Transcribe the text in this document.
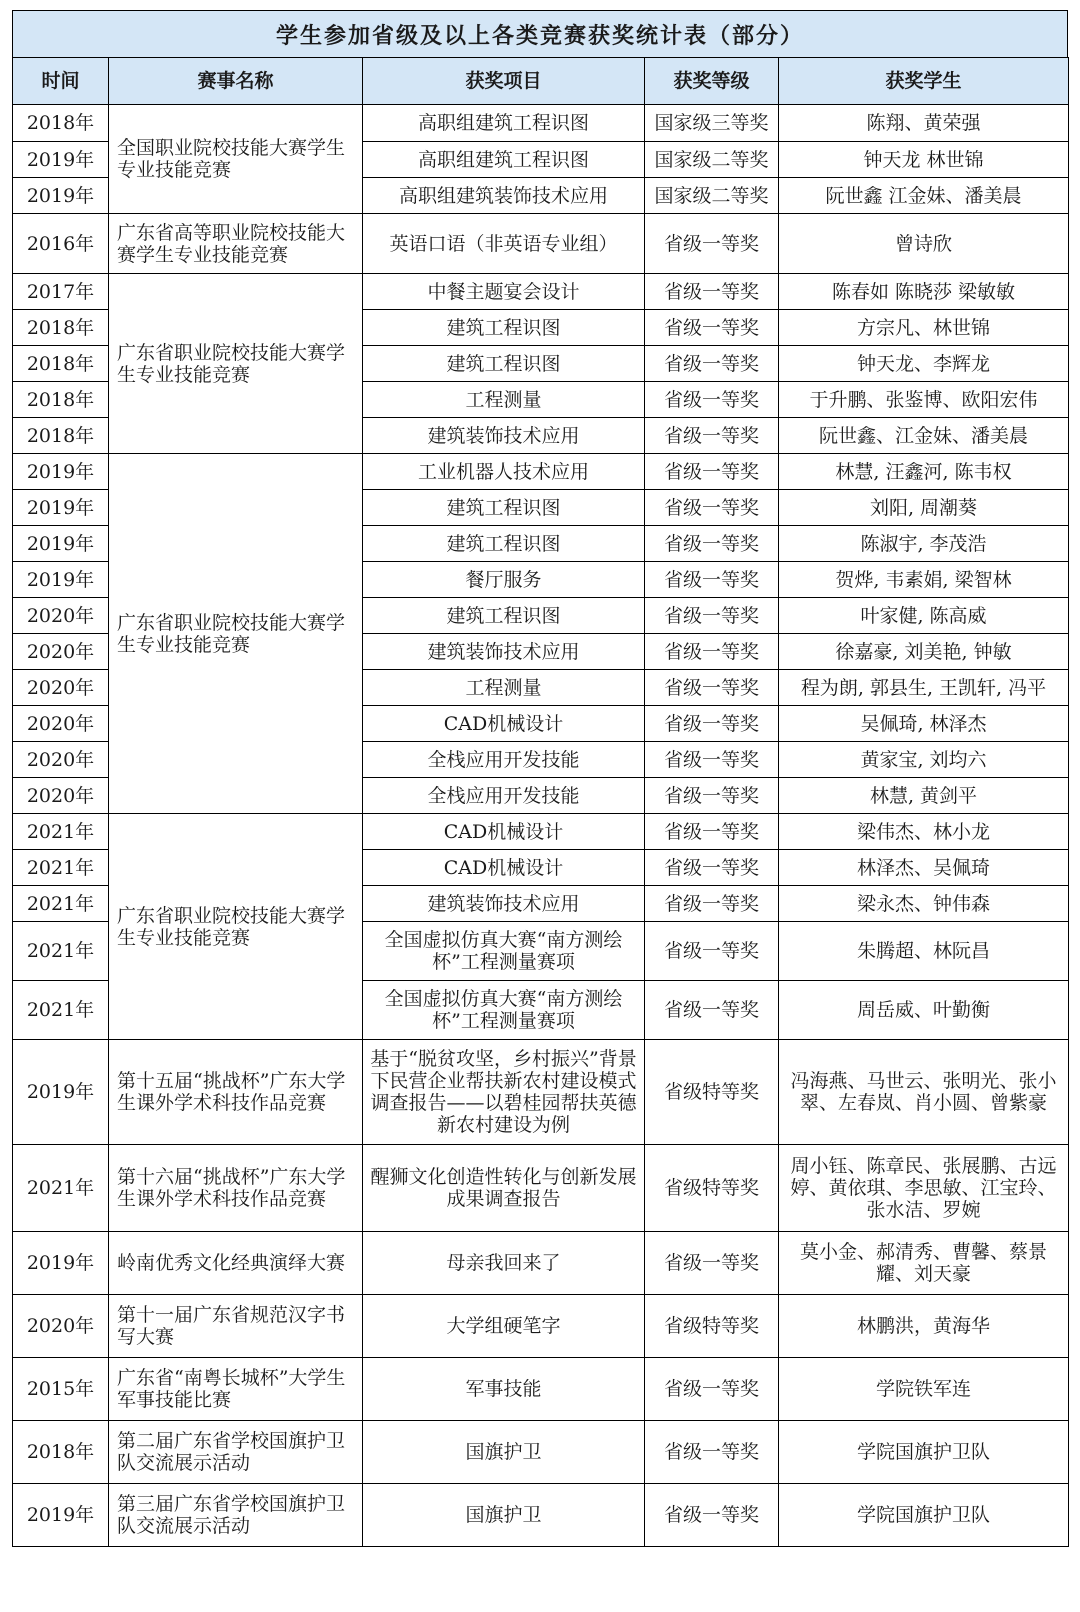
学生参加省级及以上各类竞赛获奖统计表（部分）
时间	赛事名称	获奖项目	获奖等级	获奖学生
2018年	全国职业院校技能大赛学生专业技能竞赛	高职组建筑工程识图	国家级三等奖	陈翔、黄荣强
2019年		高职组建筑工程识图	国家级二等奖	钟天龙 林世锦
2019年		高职组建筑装饰技术应用	国家级二等奖	阮世鑫 江金妹、潘美晨
2016年	广东省高等职业院校技能大赛学生专业技能竞赛	英语口语（非英语专业组）	省级一等奖	曾诗欣
2017年	广东省职业院校技能大赛学生专业技能竞赛	中餐主题宴会设计	省级一等奖	陈春如 陈晓莎 梁敏敏
2018年		建筑工程识图	省级一等奖	方宗凡、林世锦
2018年		建筑工程识图	省级一等奖	钟天龙、李辉龙
2018年		工程测量	省级一等奖	于升鹏、张鉴博、欧阳宏伟
2018年		建筑装饰技术应用	省级一等奖	阮世鑫、江金妹、潘美晨
2019年	广东省职业院校技能大赛学生专业技能竞赛	工业机器人技术应用	省级一等奖	林慧, 汪鑫河, 陈韦权
2019年		建筑工程识图	省级一等奖	刘阳, 周潮葵
2019年		建筑工程识图	省级一等奖	陈淑宇, 李茂浩
2019年		餐厅服务	省级一等奖	贺烨, 韦素娟, 梁智林
2020年		建筑工程识图	省级一等奖	叶家健, 陈高威
2020年		建筑装饰技术应用	省级一等奖	徐嘉豪, 刘美艳, 钟敏
2020年		工程测量	省级一等奖	程为朗, 郭县生, 王凯轩, 冯平
2020年		CAD机械设计	省级一等奖	吴佩琦, 林泽杰
2020年		全栈应用开发技能	省级一等奖	黄家宝, 刘均六
2020年		全栈应用开发技能	省级一等奖	林慧, 黄剑平
2021年	广东省职业院校技能大赛学生专业技能竞赛	CAD机械设计	省级一等奖	梁伟杰、林小龙
2021年		CAD机械设计	省级一等奖	林泽杰、吴佩琦
2021年		建筑装饰技术应用	省级一等奖	梁永杰、钟伟森
2021年		全国虚拟仿真大赛“南方测绘杯”工程测量赛项	省级一等奖	朱腾超、林阮昌
2021年		全国虚拟仿真大赛“南方测绘杯”工程测量赛项	省级一等奖	周岳威、叶勤衡
2019年	第十五届“挑战杯”广东大学生课外学术科技作品竞赛	基于“脱贫攻坚，乡村振兴”背景下民营企业帮扶新农村建设模式调查报告——以碧桂园帮扶英德新农村建设为例	省级特等奖	冯海燕、马世云、张明光、张小翠、左春岚、肖小圆、曾紫豪
2021年	第十六届“挑战杯”广东大学生课外学术科技作品竞赛	醒狮文化创造性转化与创新发展成果调查报告	省级特等奖	周小钰、陈章民、张展鹏、古远婷、黄依琪、李思敏、江宝玲、张水洁、罗婉
2019年	岭南优秀文化经典演绎大赛	母亲我回来了	省级一等奖	莫小金、郝清秀、曹馨、蔡景耀、刘天豪
2020年	第十一届广东省规范汉字书写大赛	大学组硬笔字	省级特等奖	林鹏洪，黄海华
2015年	广东省“南粤长城杯”大学生军事技能比赛	军事技能	省级一等奖	学院铁军连
2018年	第二届广东省学校国旗护卫队交流展示活动	国旗护卫	省级一等奖	学院国旗护卫队
2019年	第三届广东省学校国旗护卫队交流展示活动	国旗护卫	省级一等奖	学院国旗护卫队
